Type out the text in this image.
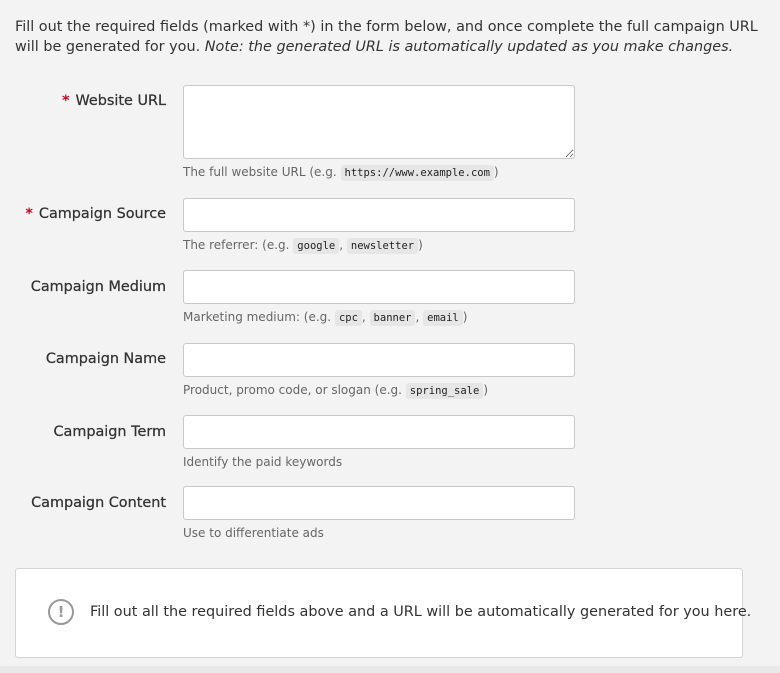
Fill out the required fields (marked with *) in the form below, and once complete the full campaign URL will be generated for you. Note: the generated URL is automatically updated as you make changes.
* Website URL
The full website URL (e.g. https://www.example.com )
* Campaign Source
The referrer: (e.g. google , newsletter )
Campaign Medium
Marketing medium: (e.g. cpc , banner , email )
Campaign Name
Product, promo code, or slogan (e.g. spring_sale )
Campaign Term
Identify the paid keywords
Campaign Content
Use to differentiate ads
!	Fill out all the required fields above and a URL will be automatically generated for you here.
